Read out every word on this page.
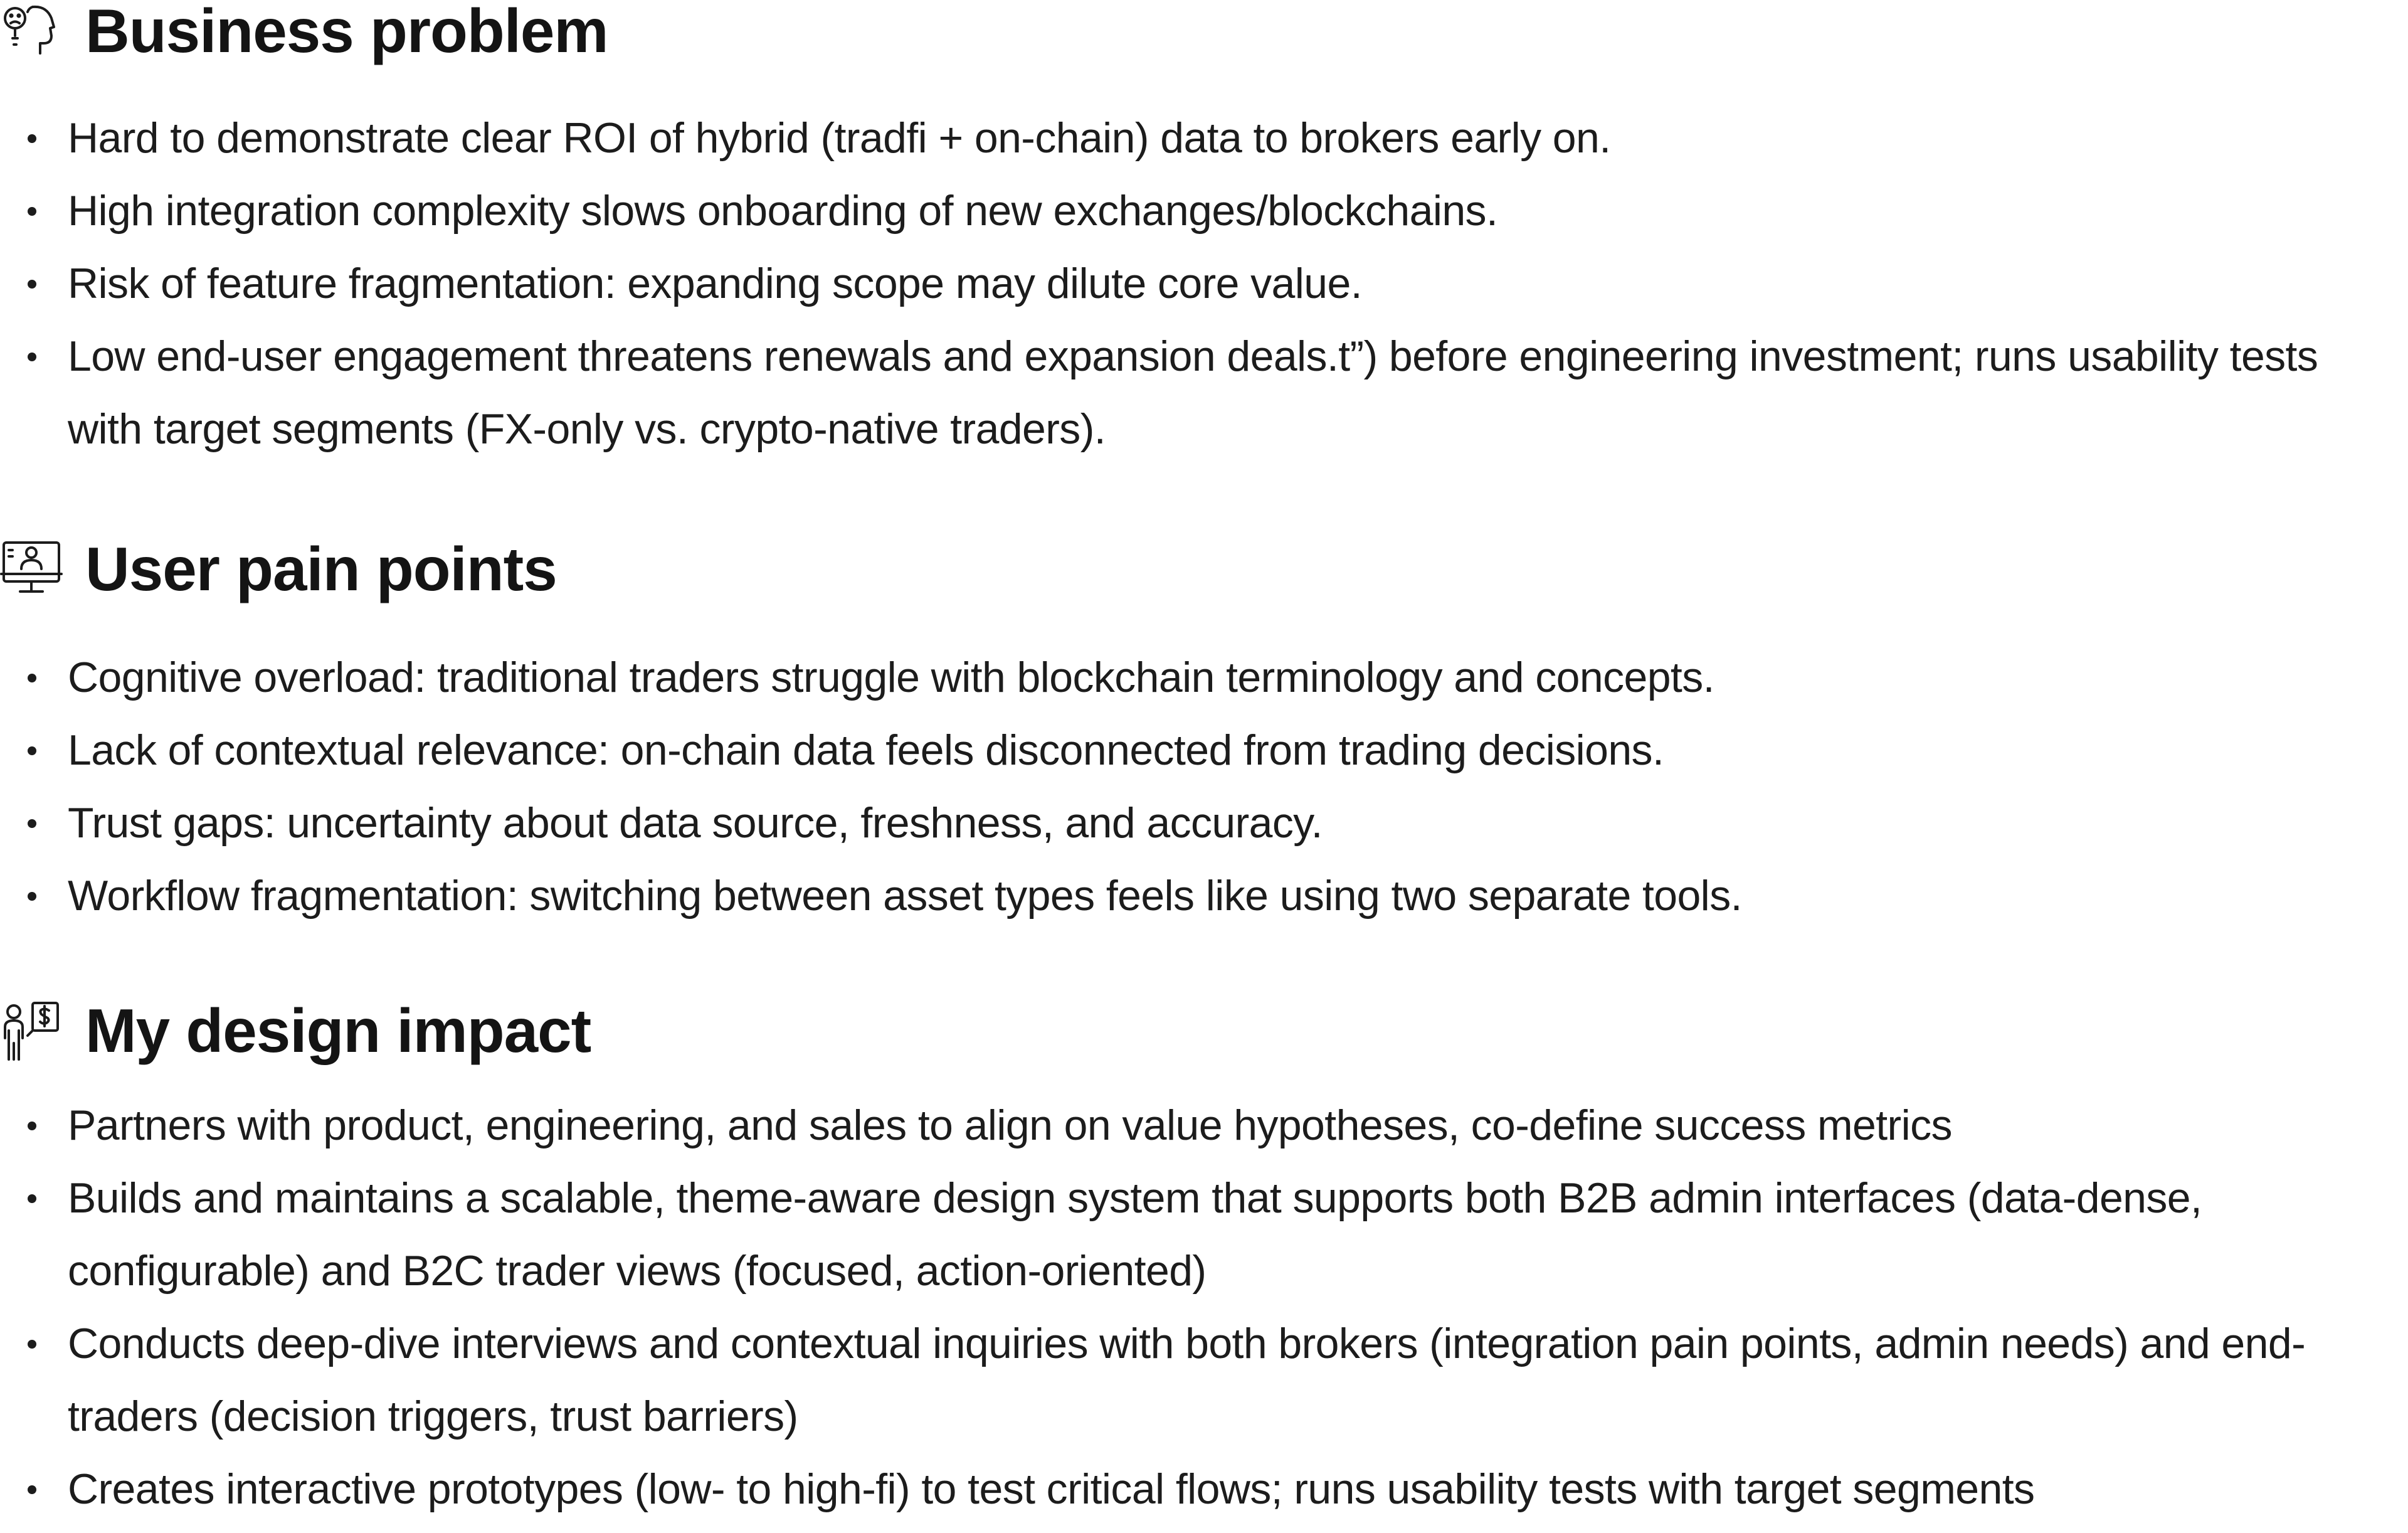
Business problem
Hard to demonstrate clear ROI of hybrid (tradfi + on-chain) data to brokers early on.
High integration complexity slows onboarding of new exchanges/blockchains.
Risk of feature fragmentation: expanding scope may dilute core value.
Low end-user engagement threatens renewals and expansion deals.t”) before engineering investment; runs usability tests with target segments (FX-only vs. crypto-native traders).
User pain points
Cognitive overload: traditional traders struggle with blockchain terminology and concepts.
Lack of contextual relevance: on-chain data feels disconnected from trading decisions.
Trust gaps: uncertainty about data source, freshness, and accuracy.
Workflow fragmentation: switching between asset types feels like using two separate tools.
My design impact
Partners with product, engineering, and sales to align on value hypotheses, co-define success metrics
Builds and maintains a scalable, theme-aware design system that supports both B2B admin interfaces (data-dense, configurable) and B2C trader views (focused, action-oriented)
Conducts deep-dive interviews and contextual inquiries with both brokers (integration pain points, admin needs) and end-traders (decision triggers, trust barriers)
Creates interactive prototypes (low- to high-fi) to test critical flows; runs usability tests with target segments
